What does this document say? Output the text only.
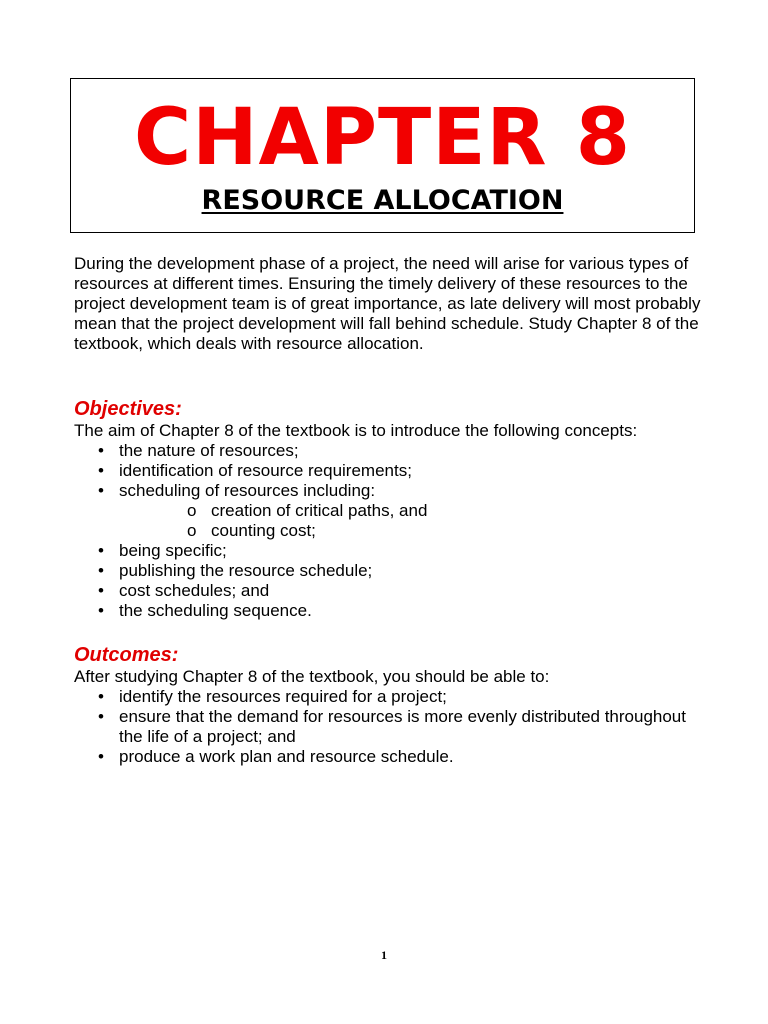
CHAPTER 8
RESOURCE ALLOCATION

During the development phase of a project, the need will arise for various types of resources at different times. Ensuring the timely delivery of these resources to the project development team is of great importance, as late delivery will most probably mean that the project development will fall behind schedule. Study Chapter 8 of the textbook, which deals with resource allocation.

Objectives:

The aim of Chapter 8 of the textbook is to introduce the following concepts:

• the nature of resources;
• identification of resource requirements;
• scheduling of resources including:
o creation of critical paths, and
o counting cost;
• being specific;
• publishing the resource schedule;
• cost schedules; and
• the scheduling sequence.
Outcomes:

After studying Chapter 8 of the textbook, you should be able to:

• identify the resources required for a project;
• ensure that the demand for resources is more evenly distributed throughout the life of a project; and
• produce a work plan and resource schedule.
1
